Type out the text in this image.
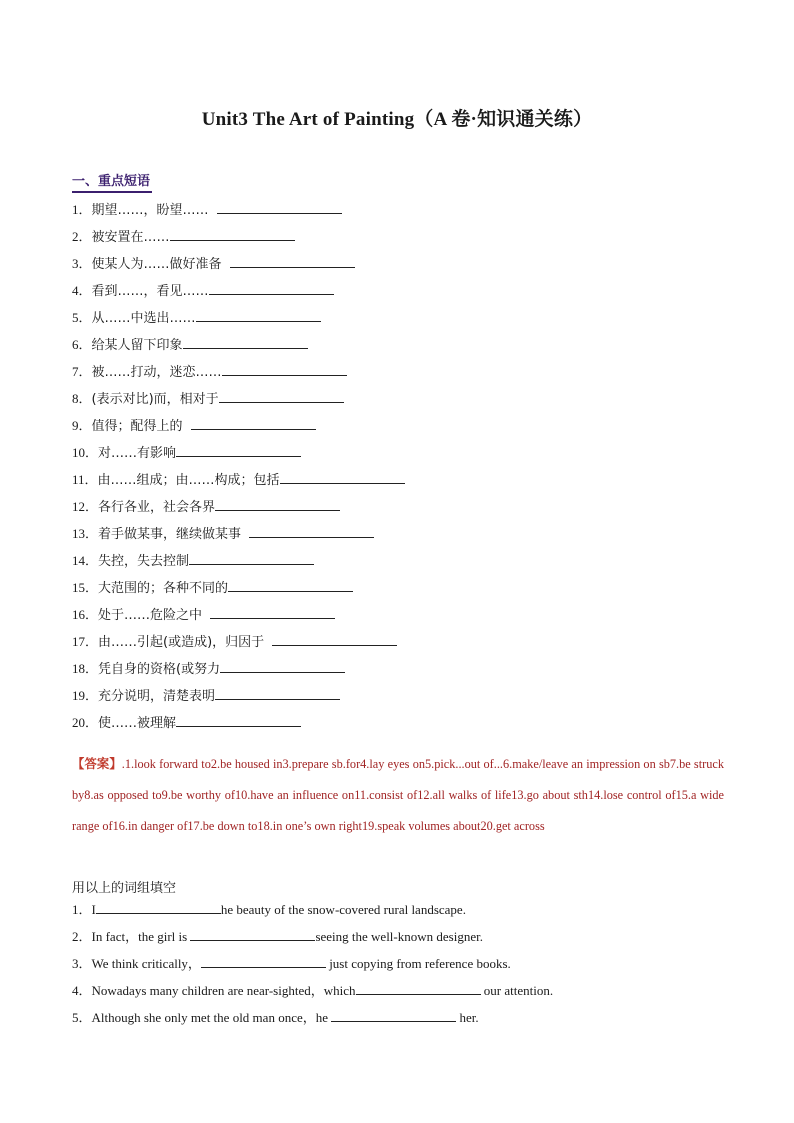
Unit3 The Art of Painting（A 卷·知识通关练）
一、重点短语
1．期望……，盼望……
2．被安置在……
3．使某人为……做好准备
4．看到……，看见……
5．从……中选出……
6．给某人留下印象
7．被……打动，迷恋……
8．(表示对比)而，相对于
9．值得；配得上的
10．对……有影响
11．由……组成；由……构成；包括
12．各行各业，社会各界
13．着手做某事，继续做某事
14．失控，失去控制
15．大范围的；各种不同的
16．处于……危险之中
17．由……引起(或造成)，归因于
18．凭自身的资格(或努力
19．充分说明，清楚表明
20．使……被理解
【答案】.1.look forward to2.be housed in3.prepare sb.for4.lay eyes on5.pick...out of...6.make/leave an impression on sb7.be struck by8.as opposed to9.be worthy of10.have an influence on11.consist of12.all walks of life13.go about sth14.lose control of15.a wide range of16.in danger of17.be down to18.in one’s own right19.speak volumes about20.get across
用以上的词组填空
1．I	he beauty of the snow-covered rural landscape.
2．In fact，the girl is	seeing the well-known designer.
3．We think critically，	just copying from reference books.
4．Nowadays many children are near-sighted，which	our attention.
5．Although she only met the old man once，he	her.
